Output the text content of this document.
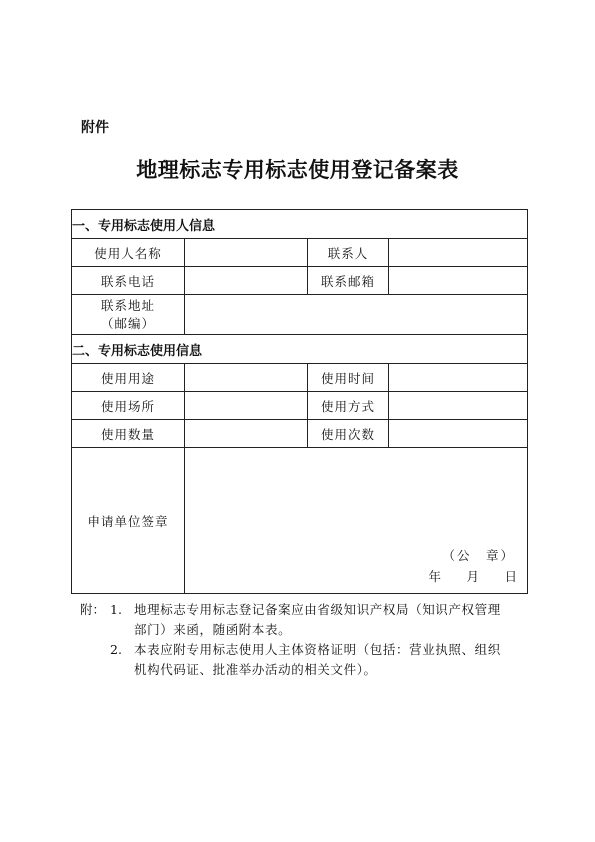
附件
地理标志专用标志使用登记备案表
一、专用标志使用人信息			
使用人名称		联系人	
联系电话		联系邮箱	

联系地址
（邮编）			

二、专用标志使用信息			
使用用途		使用时间	
使用场所		使用方式	
使用数量		使用次数	
申请单位签章	（公　章）
年 月 日		
附： 1. 地理标志专用标志登记备案应由省级知识产权局（知识产权管理
部门）来函，随函附本表。
2. 本表应附专用标志使用人主体资格证明（包括：营业执照、组织
机构代码证、批准举办活动的相关文件）。
